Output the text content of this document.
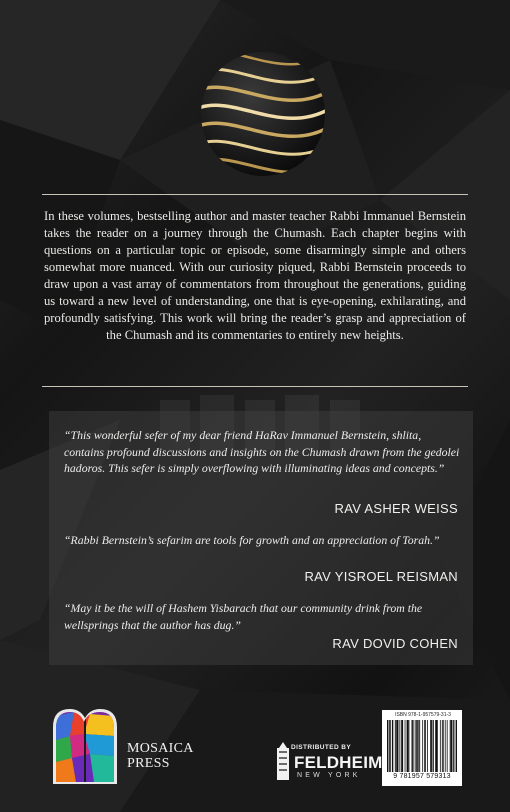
In these volumes, bestselling author and master teacher Rabbi Immanuel Bernstein takes the reader on a journey through the Chumash. Each chapter begins with questions on a particular topic or episode, some disarmingly simple and others somewhat more nuanced. With our curiosity piqued, Rabbi Bernstein proceeds to draw upon a vast array of commentators from throughout the generations, guiding us toward a new level of understanding, one that is eye-opening, exhilarating, and profoundly satisfying. This work will bring the reader’s grasp and appreciation of the Chumash and its commentaries to entirely new heights.
“This wonderful sefer of my dear friend HaRav Immanuel Bernstein, shlita, contains profound discussions and insights on the Chumash drawn from the gedolei hadoros. This sefer is simply overflowing with illuminating ideas and concepts.”
RAV ASHER WEISS
“Rabbi Bernstein’s sefarim are tools for growth and an appreciation of Torah.”
RAV YISROEL REISMAN
“May it be the will of Hashem Yisbarach that our community drink from the wellsprings that the author has dug.”
RAV DOVID COHEN
MOSAICA
PRESS
DISTRIBUTED BY
FELDHEIM
NEW YORK
ISBN 978-1-957579-31-3
9 781957 579313
